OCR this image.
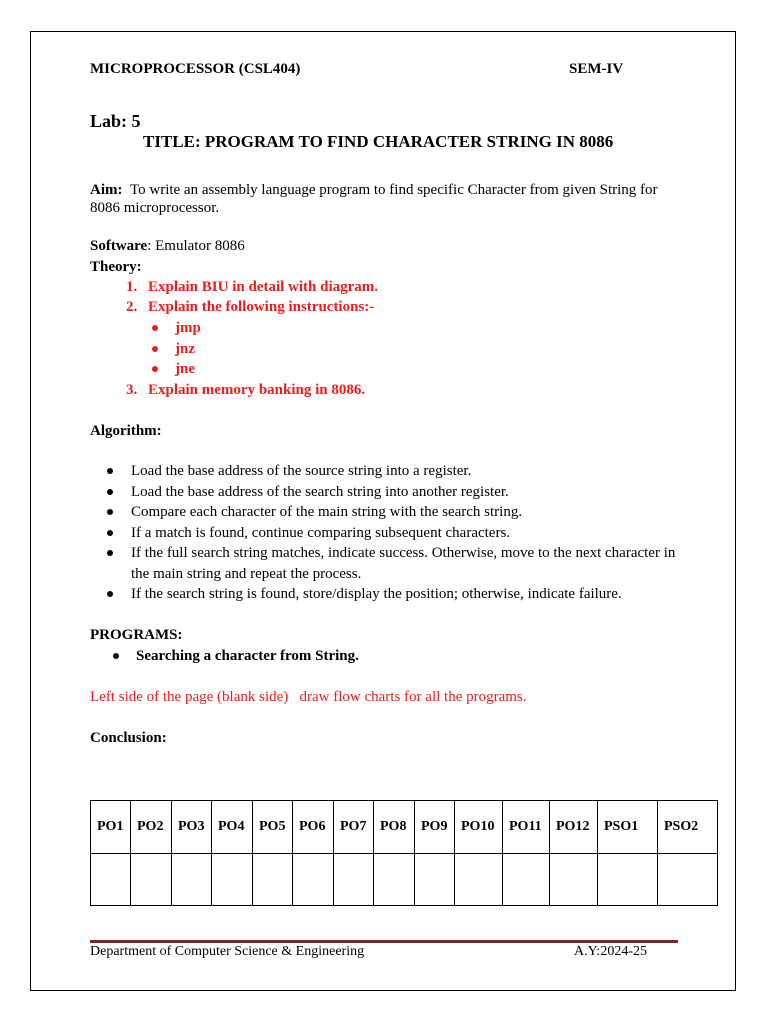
MICROPROCESSOR (CSL404)	SEM-IV
Lab: 5
TITLE: PROGRAM TO FIND CHARACTER STRING IN 8086
Aim: To write an assembly language program to find specific Character from given String for
8086 microprocessor.
Software: Emulator 8086
Theory:
1. Explain BIU in detail with diagram.
2. Explain the following instructions:-
jmp
jnz
jne
3. Explain memory banking in 8086.
Algorithm:
Load the base address of the source string into a register.
Load the base address of the search string into another register.
Compare each character of the main string with the search string.
If a match is found, continue comparing subsequent characters.
If the full search string matches, indicate success. Otherwise, move to the next character in
the main string and repeat the process.
If the search string is found, store/display the position; otherwise, indicate failure.
PROGRAMS:
Searching a character from String.
Left side of the page (blank side)   draw flow charts for all the programs.
Conclusion:
PO1	PO2	PO3	PO4	PO5	PO6	PO7	PO8	PO9	PO10	PO11	PO12	PSO1	PSO2

Department of Computer Science & Engineering	A.Y:2024-25
